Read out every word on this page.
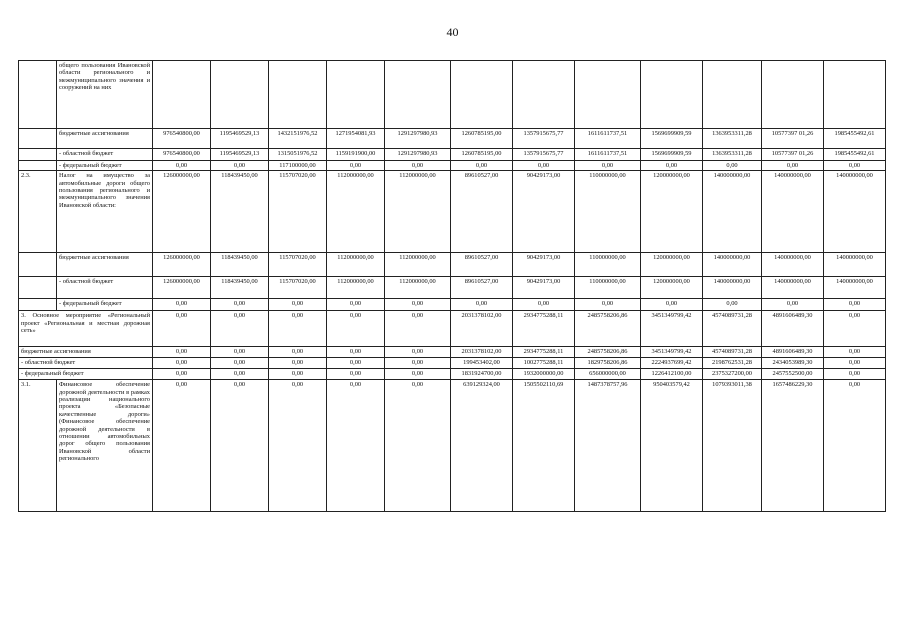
40
	общего пользования Ивановской области регионального и межмуниципального значения и сооружений на них												
	бюджетные ассигнования	976540800,00	1195469529,13	1432151976,52	1271954081,93	1291297980,93	1260785195,00	1357915675,77	1611611737,51	1569699909,59	1363953311,28	10577397 01,26	1985455492,61
	- областной бюджет	976540800,00	1195469529,13	1315051976,52	1159191900,00	1291297980,93	1260785195,00	1357915675,77	1611611737,51	1569699909,59	1363953311,28	10577397 01,26	1985455492,61
	- федеральный бюджет	0,00	0,00	117100000,00	0,00	0,00	0,00	0,00	0,00	0,00	0,00	0,00	0,00
2.3.	Налог на имущество за автомобильные дороги общего пользования регионального и межмуниципального значения Ивановской области:	126000000,00	118439450,00	115707020,00	112000000,00	112000000,00	89610527,00	90429173,00	110000000,00	120000000,00	140000000,00	140000000,00	140000000,00
	бюджетные ассигнования	126000000,00	118439450,00	115707020,00	112000000,00	112000000,00	89610527,00	90429173,00	110000000,00	120000000,00	140000000,00	140000000,00	140000000,00
	- областной бюджет	126000000,00	118439450,00	115707020,00	112000000,00	112000000,00	89610527,00	90429173,00	110000000,00	120000000,00	140000000,00	140000000,00	140000000,00
	- федеральный бюджет	0,00	0,00	0,00	0,00	0,00	0,00	0,00	0,00	0,00	0,00	0,00	0,00
3. Основное мероприятие «Региональный проект «Региональная и местная дорожная сеть»		0,00	0,00	0,00	0,00	0,00	2031378102,00	2934775288,11	2485758206,86	3451349799,42	4574089731,28	4891606489,30	0,00
бюджетные ассигнования		0,00	0,00	0,00	0,00	0,00	2031378102,00	2934775288,11	2485758206,86	3451349799,42	4574089731,28	4891606489,30	0,00
- областной бюджет		0,00	0,00	0,00	0,00	0,00	199453402,00	1002775288,11	1829758206,86	2224937699,42	2198762531,28	2434053989,30	0,00
- федеральный бюджет		0,00	0,00	0,00	0,00	0,00	1831924700,00	1932000000,00	656000000,00	1226412100,00	2375327200,00	2457552500,00	0,00
3.1.	Финансовое обеспечение дорожной деятельности в рамках реализации национального проекта «Безопасные качественные дороги» (Финансовое обеспечение дорожной деятельности в отношении автомобильных дорог общего пользования Ивановской области регионального	0,00	0,00	0,00	0,00	0,00	639129324,00	1505502110,69	1487378757,96	950403579,42	1079393011,38	1657486229,30	0,00
